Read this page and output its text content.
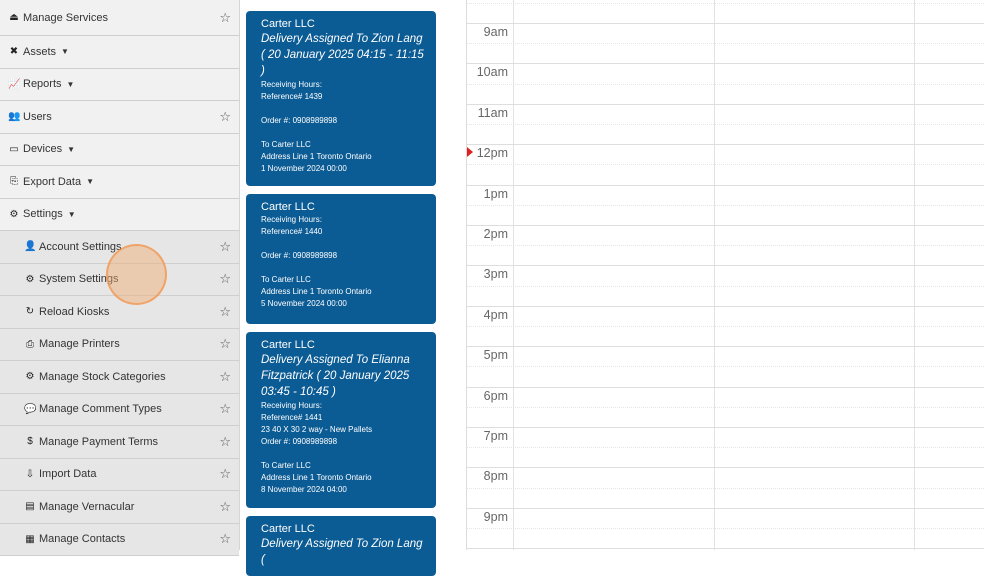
⏏ Manage Services	☆
✖ Assets ▼
📈 Reports ▼
👥 Users	☆
▭ Devices ▼
⎘ Export Data ▼
⚙ Settings ▼
👤 Account Settings	☆
⚙ System Settings	☆
↻ Reload Kiosks	☆
⎙ Manage Printers	☆
⚙ Manage Stock Categories	☆
💬 Manage Comment Types	☆
$ Manage Payment Terms	☆
⇩ Import Data	☆
▤ Manage Vernacular	☆
▦ Manage Contacts	☆
Carter LLC
Delivery Assigned To Zion Lang ( 20 January 2025 04:15 - 11:15 )
Receiving Hours:
Reference# 1439
Order #: 0908989898
To Carter LLC
Address Line 1 Toronto Ontario
1 November 2024 00:00
Carter LLC
Receiving Hours:
Reference# 1440
Order #: 0908989898
To Carter LLC
Address Line 1 Toronto Ontario
5 November 2024 00:00
Carter LLC
Delivery Assigned To Elianna Fitzpatrick ( 20 January 2025 03:45 - 10:45 )
Receiving Hours:
Reference# 1441
23 40 X 30 2 way - New Pallets
Order #: 0908989898
To Carter LLC
Address Line 1 Toronto Ontario
8 November 2024 04:00
Carter LLC
Delivery Assigned To Zion Lang (
9am
10am
11am
12pm
1pm
2pm
3pm
4pm
5pm
6pm
7pm
8pm
9pm
